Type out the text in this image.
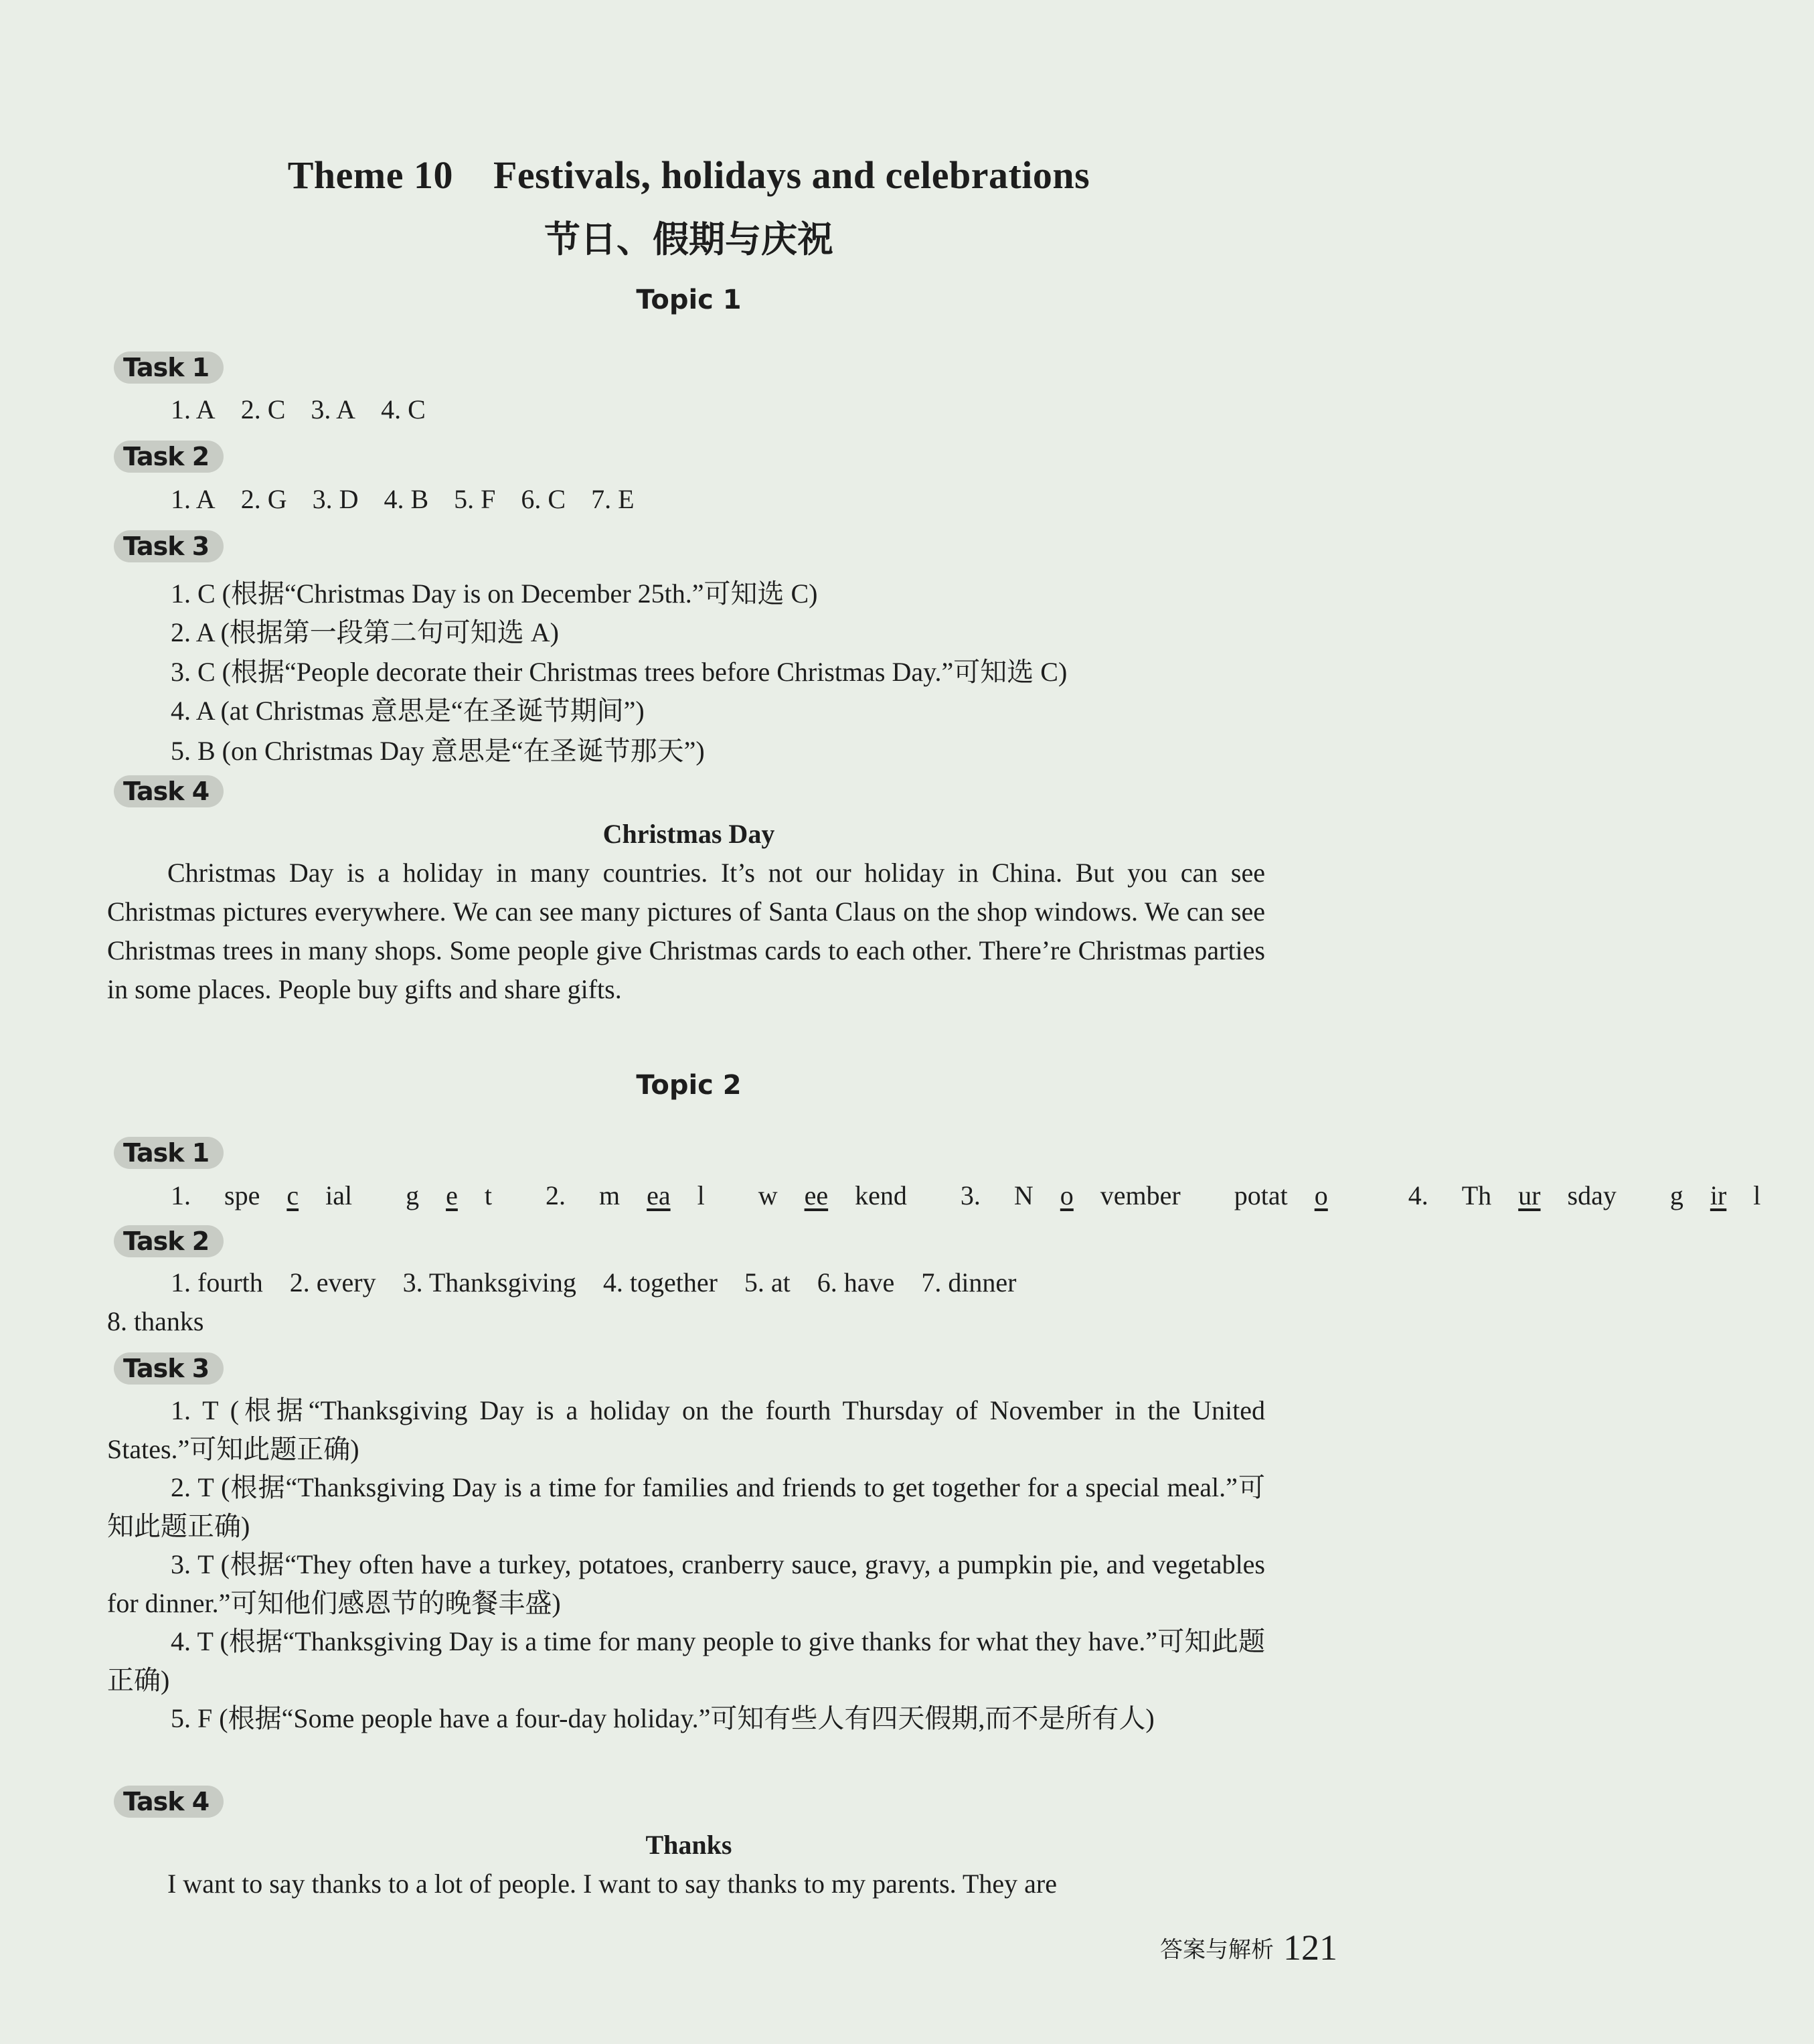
Theme 10 Festivals, holidays and celebrations
节日、假期与庆祝
Topic 1
Task 1
1. A 2. C 3. A 4. C
Task 2
1. A 2. G 3. D 4. B 5. F 6. C 7. E
Task 3
1. C (根据“Christmas Day is on December 25th.”可知选 C)
2. A (根据第一段第二句可知选 A)
3. C (根据“People decorate their Christmas trees before Christmas Day.”可知选 C)
4. A (at Christmas 意思是“在圣诞节期间”)
5. B (on Christmas Day 意思是“在圣诞节那天”)
Task 4
Christmas Day
Christmas Day is a holiday in many countries. It’s not our holiday in China. But you can see Christmas pictures everywhere. We can see many pictures of Santa Claus on the shop windows. We can see Christmas trees in many shops. Some people give Christmas cards to each other. There’re Christmas parties in some places. People buy gifts and share gifts.
Topic 2
Task 1
1. spe c ial g e t 2. m ea l w ee kend 3. N o vember potat o	4. Th ur sday g ir l
Task 2
1. fourth 2. every 3. Thanksgiving 4. together 5. at 6. have 7. dinner
8. thanks
Task 3
1. T (根据“Thanksgiving Day is a holiday on the fourth Thursday of November in the United States.”可知此题正确)
2. T (根据“Thanksgiving Day is a time for families and friends to get together for a special meal.”可知此题正确)
3. T (根据“They often have a turkey, potatoes, cranberry sauce, gravy, a pumpkin pie, and vegetables for dinner.”可知他们感恩节的晚餐丰盛)
4. T (根据“Thanksgiving Day is a time for many people to give thanks for what they have.”可知此题正确)
5. F (根据“Some people have a four-day holiday.”可知有些人有四天假期,而不是所有人)
Task 4
Thanks
I want to say thanks to a lot of people. I want to say thanks to my parents. They are
答案与解析 121
